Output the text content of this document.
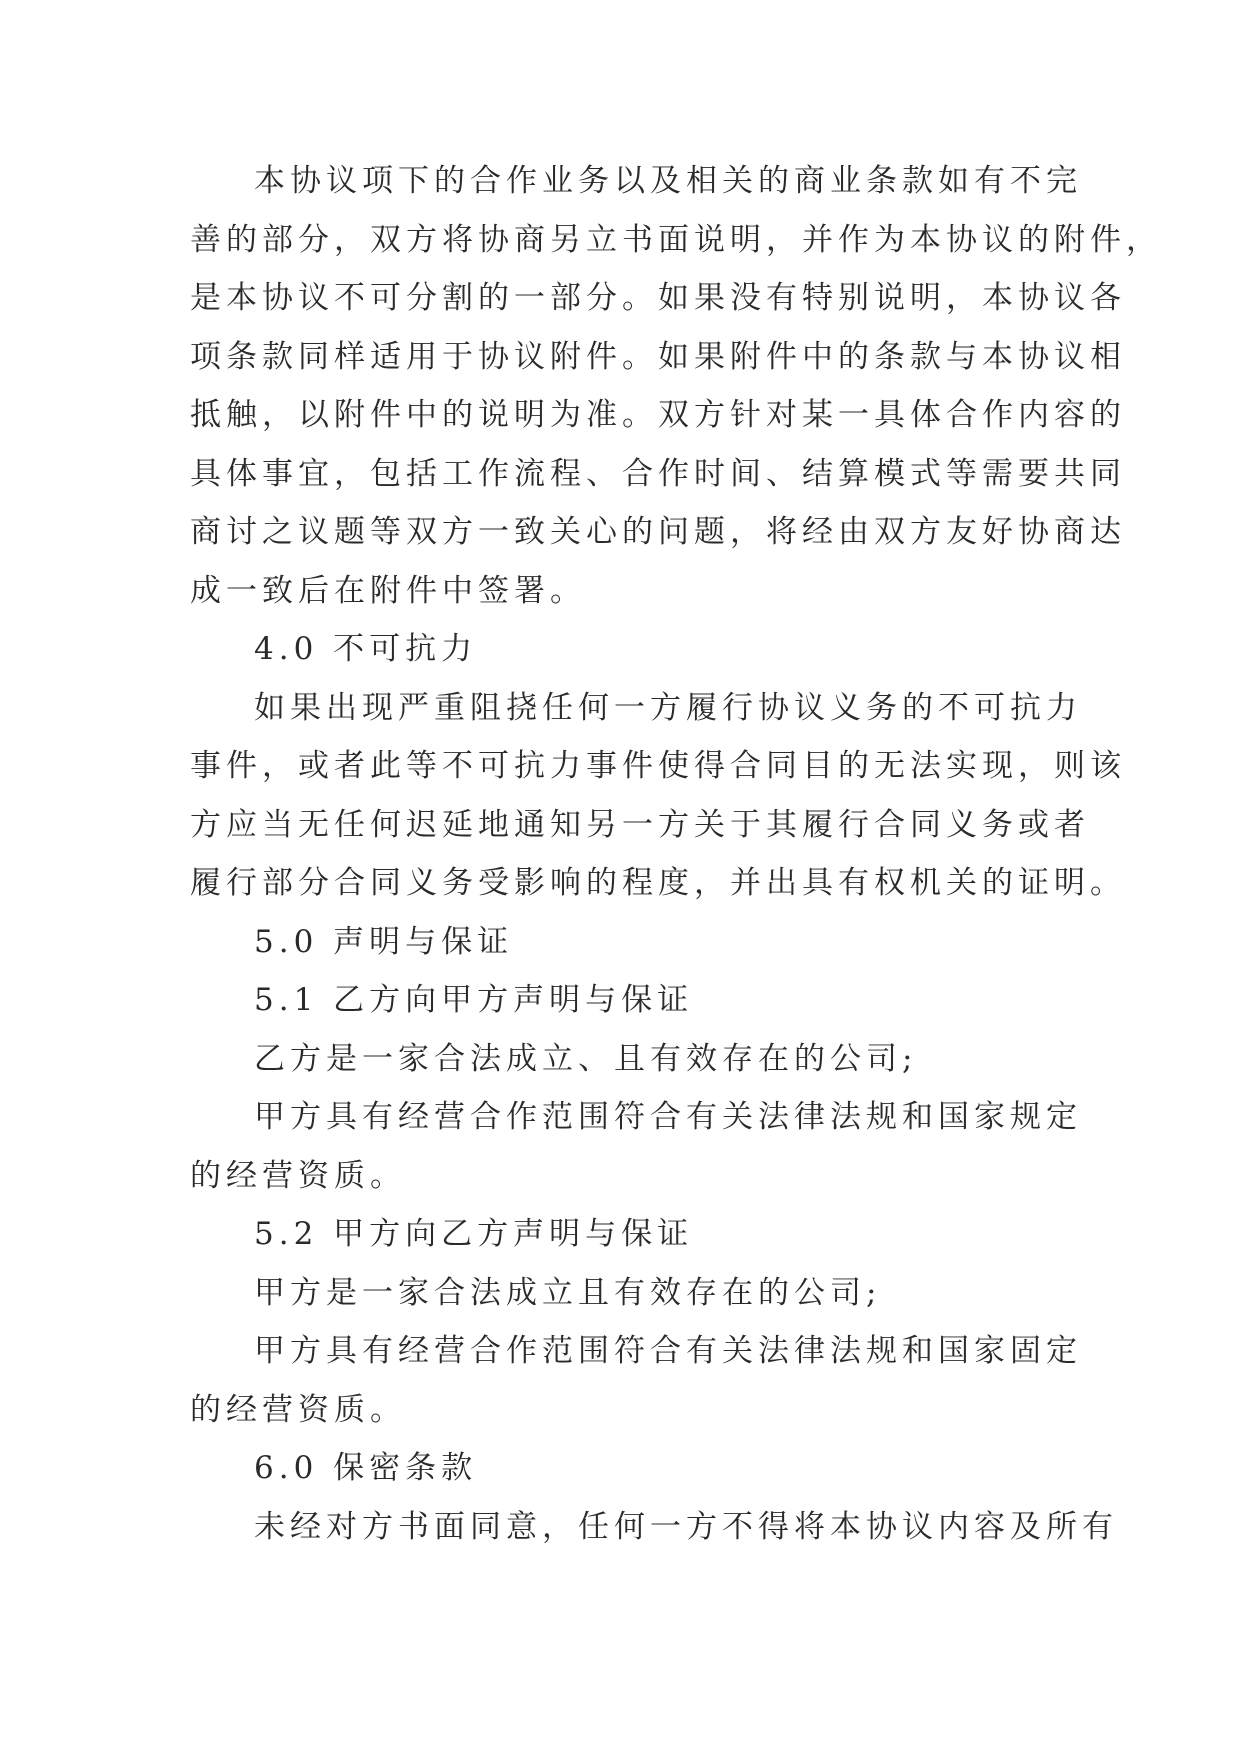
本协议项下的合作业务以及相关的商业条款如有不完
善的部分，双方将协商另立书面说明，并作为本协议的附件，
是本协议不可分割的一部分。如果没有特别说明，本协议各
项条款同样适用于协议附件。如果附件中的条款与本协议相
抵触，以附件中的说明为准。双方针对某一具体合作内容的
具体事宜，包括工作流程、合作时间、结算模式等需要共同
商讨之议题等双方一致关心的问题，将经由双方友好协商达
成一致后在附件中签署。
4.0 不可抗力
如果出现严重阻挠任何一方履行协议义务的不可抗力
事件，或者此等不可抗力事件使得合同目的无法实现，则该
方应当无任何迟延地通知另一方关于其履行合同义务或者
履行部分合同义务受影响的程度，并出具有权机关的证明。
5.0 声明与保证
5.1 乙方向甲方声明与保证
乙方是一家合法成立、且有效存在的公司;
甲方具有经营合作范围符合有关法律法规和国家规定
的经营资质。
5.2 甲方向乙方声明与保证
甲方是一家合法成立且有效存在的公司;
甲方具有经营合作范围符合有关法律法规和国家固定
的经营资质。
6.0 保密条款
未经对方书面同意，任何一方不得将本协议内容及所有
